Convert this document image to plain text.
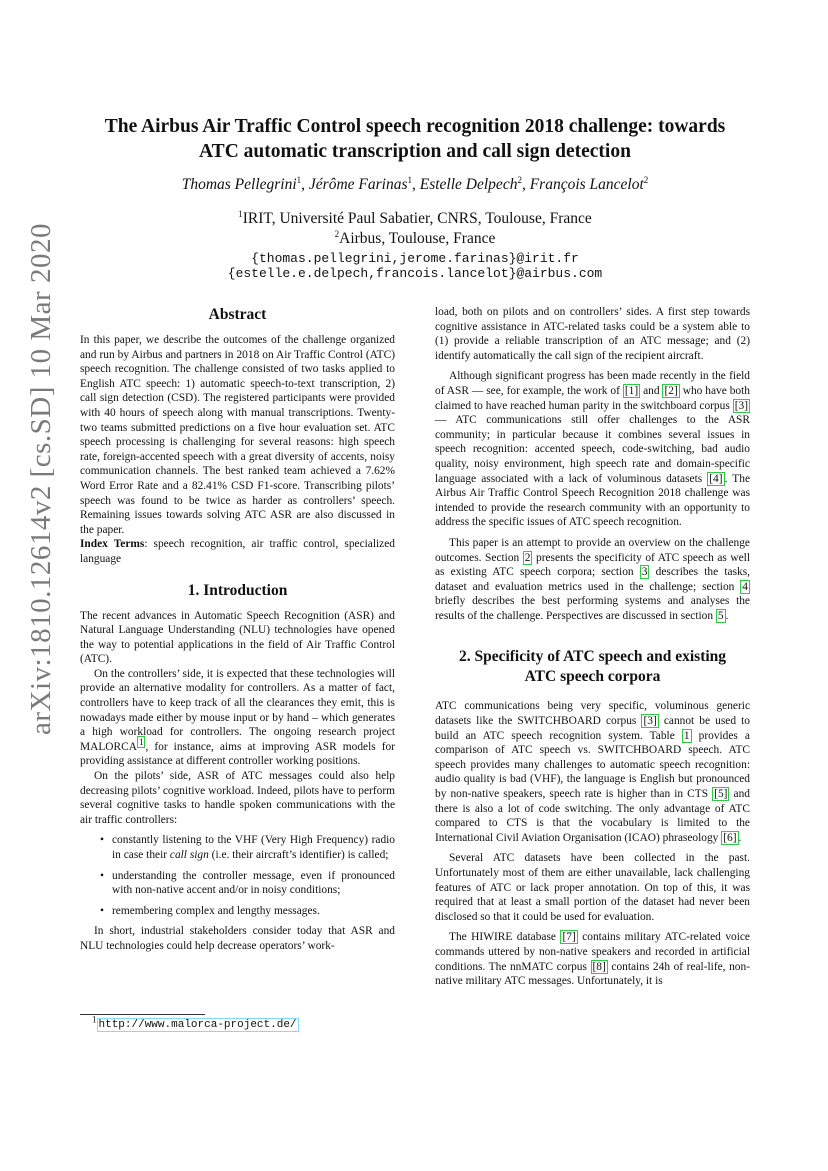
arXiv:1810.12614v2 [cs.SD] 10 Mar 2020
The Airbus Air Traffic Control speech recognition 2018 challenge: towards
ATC automatic transcription and call sign detection
Thomas Pellegrini$^1$, Jérôme Farinas$^1$, Estelle Delpech$^2$, François Lancelot$^2$
$^1$IRIT, Université Paul Sabatier, CNRS, Toulouse, France
$^2$Airbus, Toulouse, France
{thomas.pellegrini,jerome.farinas}@irit.fr
{estelle.e.delpech,francois.lancelot}@airbus.com
Abstract

In this paper, we describe the outcomes of the challenge organized and run by Airbus and partners in 2018 on Air Traffic Control (ATC) speech recognition. The challenge consisted of two tasks applied to English ATC speech: 1) automatic speech-to-text transcription, 2) call sign detection (CSD). The registered participants were provided with 40 hours of speech along with manual transcriptions. Twenty-two teams submitted predictions on a five hour evaluation set. ATC speech processing is challenging for several reasons: high speech rate, foreign-accented speech with a great diversity of accents, noisy communication channels. The best ranked team achieved a 7.62% Word Error Rate and a 82.41% CSD F1-score. Transcribing pilots’ speech was found to be twice as harder as controllers’ speech. Remaining issues towards solving ATC ASR are also discussed in the paper.

Index Terms: speech recognition, air traffic control, specialized language

1. Introduction

The recent advances in Automatic Speech Recognition (ASR) and Natural Language Understanding (NLU) technologies have opened the way to potential applications in the field of Air Traffic Control (ATC).

On the controllers’ side, it is expected that these technologies will provide an alternative modality for controllers. As a matter of fact, controllers have to keep track of all the clearances they emit, this is nowadays made either by mouse input or by hand – which generates a high workload for controllers. The ongoing research project MALORCA $^1$ , for instance, aims at improving ASR models for providing assistance at different controller working positions.

On the pilots’ side, ASR of ATC messages could also help decreasing pilots’ cognitive workload. Indeed, pilots have to perform several cognitive tasks to handle spoken communications with the air traffic controllers:

• constantly listening to the VHF (Very High Frequency) radio in case their call sign (i.e. their aircraft’s identifier) is called;
• understanding the controller message, even if pronounced with non-native accent and/or in noisy conditions;
• remembering complex and lengthy messages.

In short, industrial stakeholders consider today that ASR and NLU technologies could help decrease operators’ work-

$^1$ http://www.malorca-project.de/

load, both on pilots and on controllers’ sides. A first step towards cognitive assistance in ATC-related tasks could be a system able to (1) provide a reliable transcription of an ATC message; and (2) identify automatically the call sign of the recipient aircraft.

Although significant progress has been made recently in the field of ASR — see, for example, the work of [1] and [2] who have both claimed to have reached human parity in the switchboard corpus [3] — ATC communications still offer challenges to the ASR community; in particular because it combines several issues in speech recognition: accented speech, code-switching, bad audio quality, noisy environment, high speech rate and domain-specific language associated with a lack of voluminous datasets [4] . The Airbus Air Traffic Control Speech Recognition 2018 challenge was intended to provide the research community with an opportunity to address the specific issues of ATC speech recognition.

This paper is an attempt to provide an overview on the challenge outcomes. Section 2 presents the specificity of ATC speech as well as existing ATC speech corpora; section 3 describes the tasks, dataset and evaluation metrics used in the challenge; section 4 briefly describes the best performing systems and analyses the results of the challenge. Perspectives are discussed in section 5 .

2. Specificity of ATC speech and existing
ATC speech corpora

ATC communications being very specific, voluminous generic datasets like the SWITCHBOARD corpus [3] cannot be used to build an ATC speech recognition system. Table 1 provides a comparison of ATC speech vs. SWITCHBOARD speech. ATC speech provides many challenges to automatic speech recognition: audio quality is bad (VHF), the language is English but pronounced by non-native speakers, speech rate is higher than in CTS [5] and there is also a lot of code switching. The only advantage of ATC compared to CTS is that the vocabulary is limited to the International Civil Aviation Organisation (ICAO) phraseology [6] .

Several ATC datasets have been collected in the past. Unfortunately most of them are either unavailable, lack challenging features of ATC or lack proper annotation. On top of this, it was required that at least a small portion of the dataset had never been disclosed so that it could be used for evaluation.

The HIWIRE database [7] contains military ATC-related voice commands uttered by non-native speakers and recorded in artificial conditions. The nnMATC corpus [8] contains 24h of real-life, non-native military ATC messages. Unfortunately, it is
